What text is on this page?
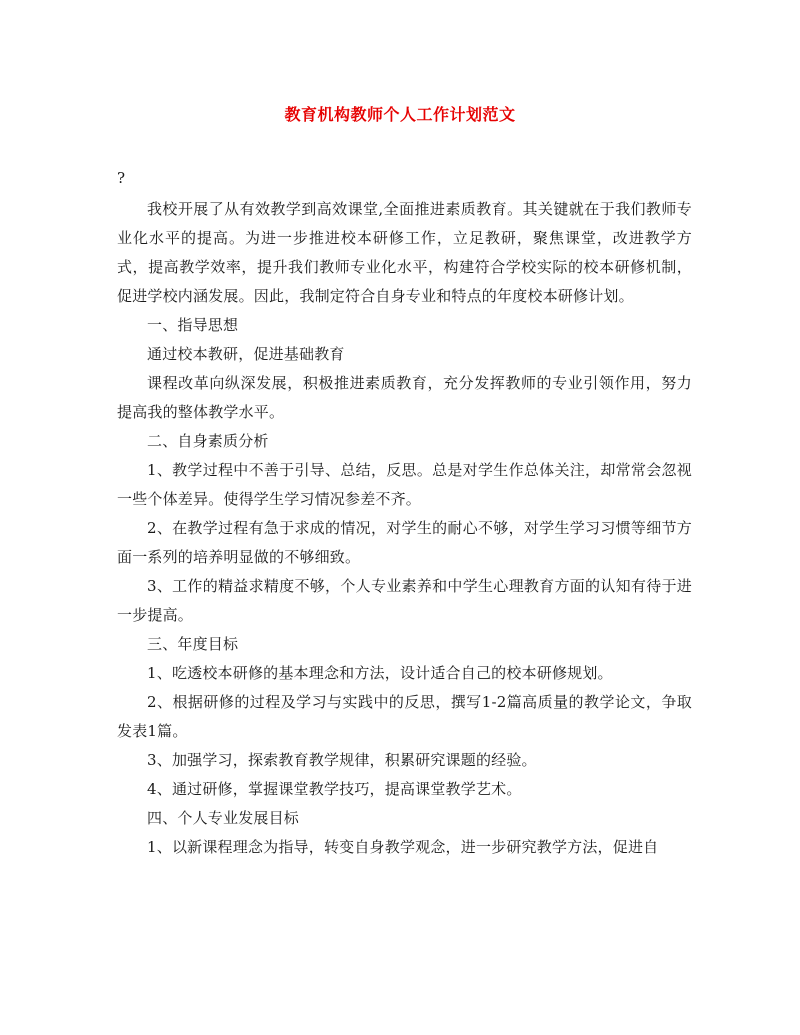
教育机构教师个人工作计划范文
?

我校开展了从有效教学到高效课堂,全面推进素质教育。其关键就在于我们教师专业化水平的提高。为进一步推进校本研修工作，立足教研，聚焦课堂，改进教学方式，提高教学效率，提升我们教师专业化水平，构建符合学校实际的校本研修机制，促进学校内涵发展。因此，我制定符合自身专业和特点的年度校本研修计划。

一、指导思想

通过校本教研，促进基础教育

课程改革向纵深发展，积极推进素质教育，充分发挥教师的专业引领作用，努力提高我的整体教学水平。

二、自身素质分析

1、教学过程中不善于引导、总结，反思。总是对学生作总体关注，却常常会忽视一些个体差异。使得学生学习情况参差不齐。

2、在教学过程有急于求成的情况，对学生的耐心不够，对学生学习习惯等细节方面一系列的培养明显做的不够细致。

3、工作的精益求精度不够，个人专业素养和中学生心理教育方面的认知有待于进一步提高。

三、年度目标

1、吃透校本研修的基本理念和方法，设计适合自己的校本研修规划。

2、根据研修的过程及学习与实践中的反思，撰写1-2篇高质量的教学论文，争取发表1篇。

3、加强学习，探索教育教学规律，积累研究课题的经验。

4、通过研修，掌握课堂教学技巧，提高课堂教学艺术。

四、个人专业发展目标

1、以新课程理念为指导，转变自身教学观念，进一步研究教学方法，促进自
